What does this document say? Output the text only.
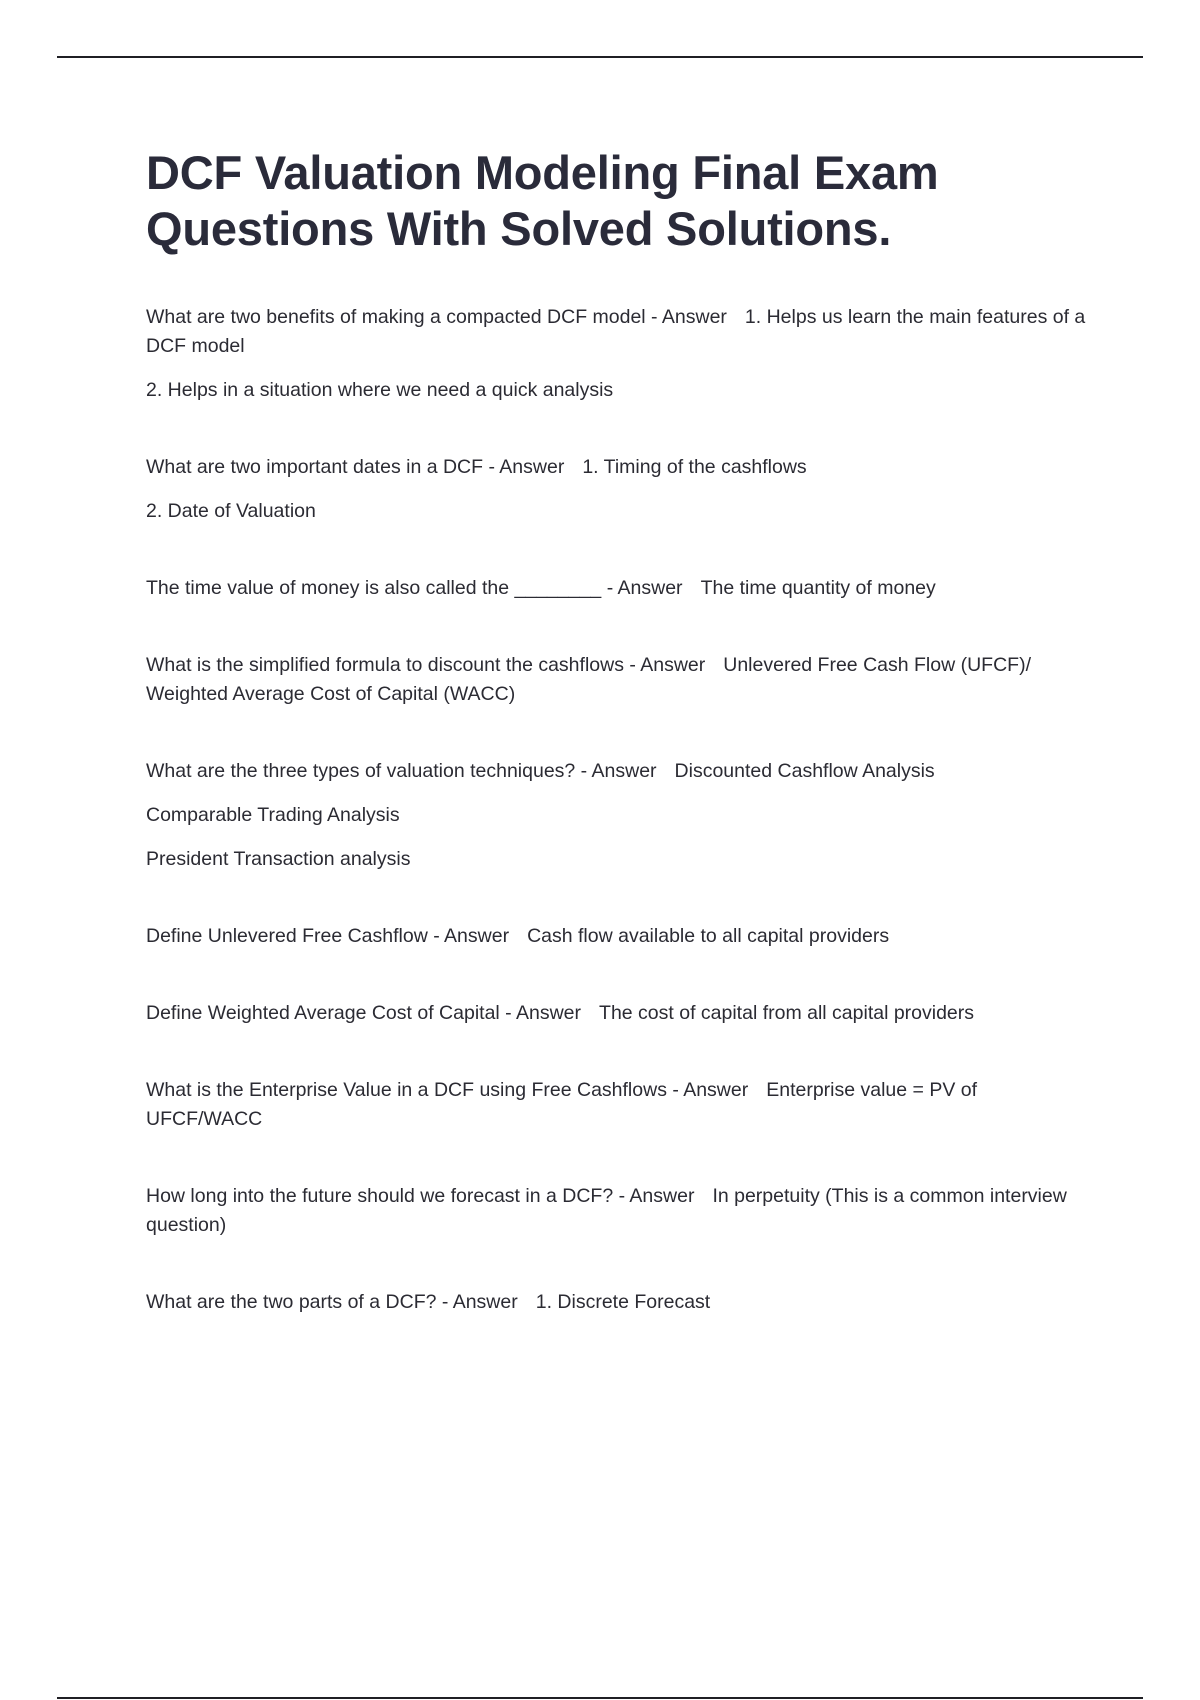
DCF Valuation Modeling Final Exam Questions With Solved Solutions.

What are two benefits of making a compacted DCF model - Answer 1. Helps us learn the main features of a DCF model

2. Helps in a situation where we need a quick analysis

What are two important dates in a DCF - Answer 1. Timing of the cashflows

2. Date of Valuation

The time value of money is also called the ________ - Answer The time quantity of money

What is the simplified formula to discount the cashflows - Answer Unlevered Free Cash Flow (UFCF)/ Weighted Average Cost of Capital (WACC)

What are the three types of valuation techniques? - Answer Discounted Cashflow Analysis

Comparable Trading Analysis

President Transaction analysis

Define Unlevered Free Cashflow - Answer Cash flow available to all capital providers

Define Weighted Average Cost of Capital - Answer The cost of capital from all capital providers

What is the Enterprise Value in a DCF using Free Cashflows - Answer Enterprise value = PV of UFCF/WACC

How long into the future should we forecast in a DCF? - Answer In perpetuity (This is a common interview question)

What are the two parts of a DCF? - Answer 1. Discrete Forecast
